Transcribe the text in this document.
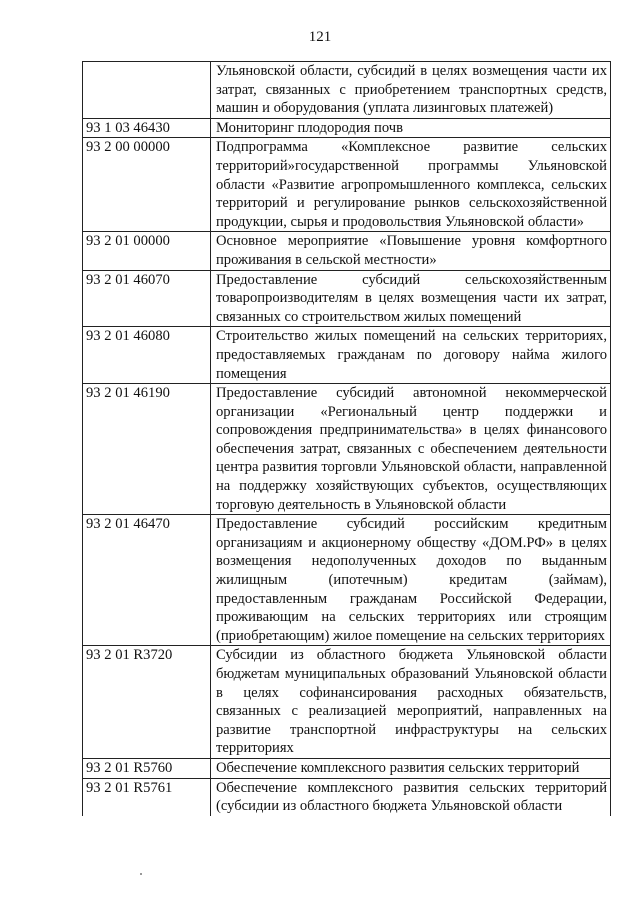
121
	Ульяновской области, субсидий в целях возмещения части их затрат, связанных с приобретением транспортных средств, машин и оборудования (уплата лизинговых платежей)
93 1 03 46430	Мониторинг плодородия почв
93 2 00 00000	Подпрограмма «Комплексное развитие сельских территорий»государственной программы Ульяновской области «Развитие агропромышленного комплекса, сельских территорий и регулирование рынков сельскохозяйственной продукции, сырья и продовольствия Ульяновской области»
93 2 01 00000	Основное мероприятие «Повышение уровня комфортного проживания в сельской местности»
93 2 01 46070	Предоставление субсидий сельскохозяйственным товаропроизводителям в целях возмещения части их затрат, связанных со строительством жилых помещений
93 2 01 46080	Строительство жилых помещений на сельских территориях, предоставляемых гражданам по договору найма жилого помещения
93 2 01 46190	Предоставление субсидий автономной некоммерческой организации «Региональный центр поддержки и сопровождения предпринимательства» в целях финансового обеспечения затрат, связанных с обеспечением деятельности центра развития торговли Ульяновской области, направленной на поддержку хозяйствующих субъектов, осуществляющих торговую деятельность в Ульяновской области
93 2 01 46470	Предоставление субсидий российским кредитным организациям и акционерному обществу «ДОМ.РФ» в целях возмещения недополученных доходов по выданным жилищным (ипотечным) кредитам (займам), предоставленным гражданам Российской Федерации, проживающим на сельских территориях или строящим (приобретающим) жилое помещение на сельских территориях
93 2 01 R3720	Субсидии из областного бюджета Ульяновской области бюджетам муниципальных образований Ульяновской области в целях софинансирования расходных обязательств, связанных с реализацией мероприятий, направленных на развитие транспортной инфраструктуры на сельских территориях
93 2 01 R5760	Обеспечение комплексного развития сельских территорий
93 2 01 R5761	Обеспечение комплексного развития сельских территорий (субсидии из областного бюджета Ульяновской области
